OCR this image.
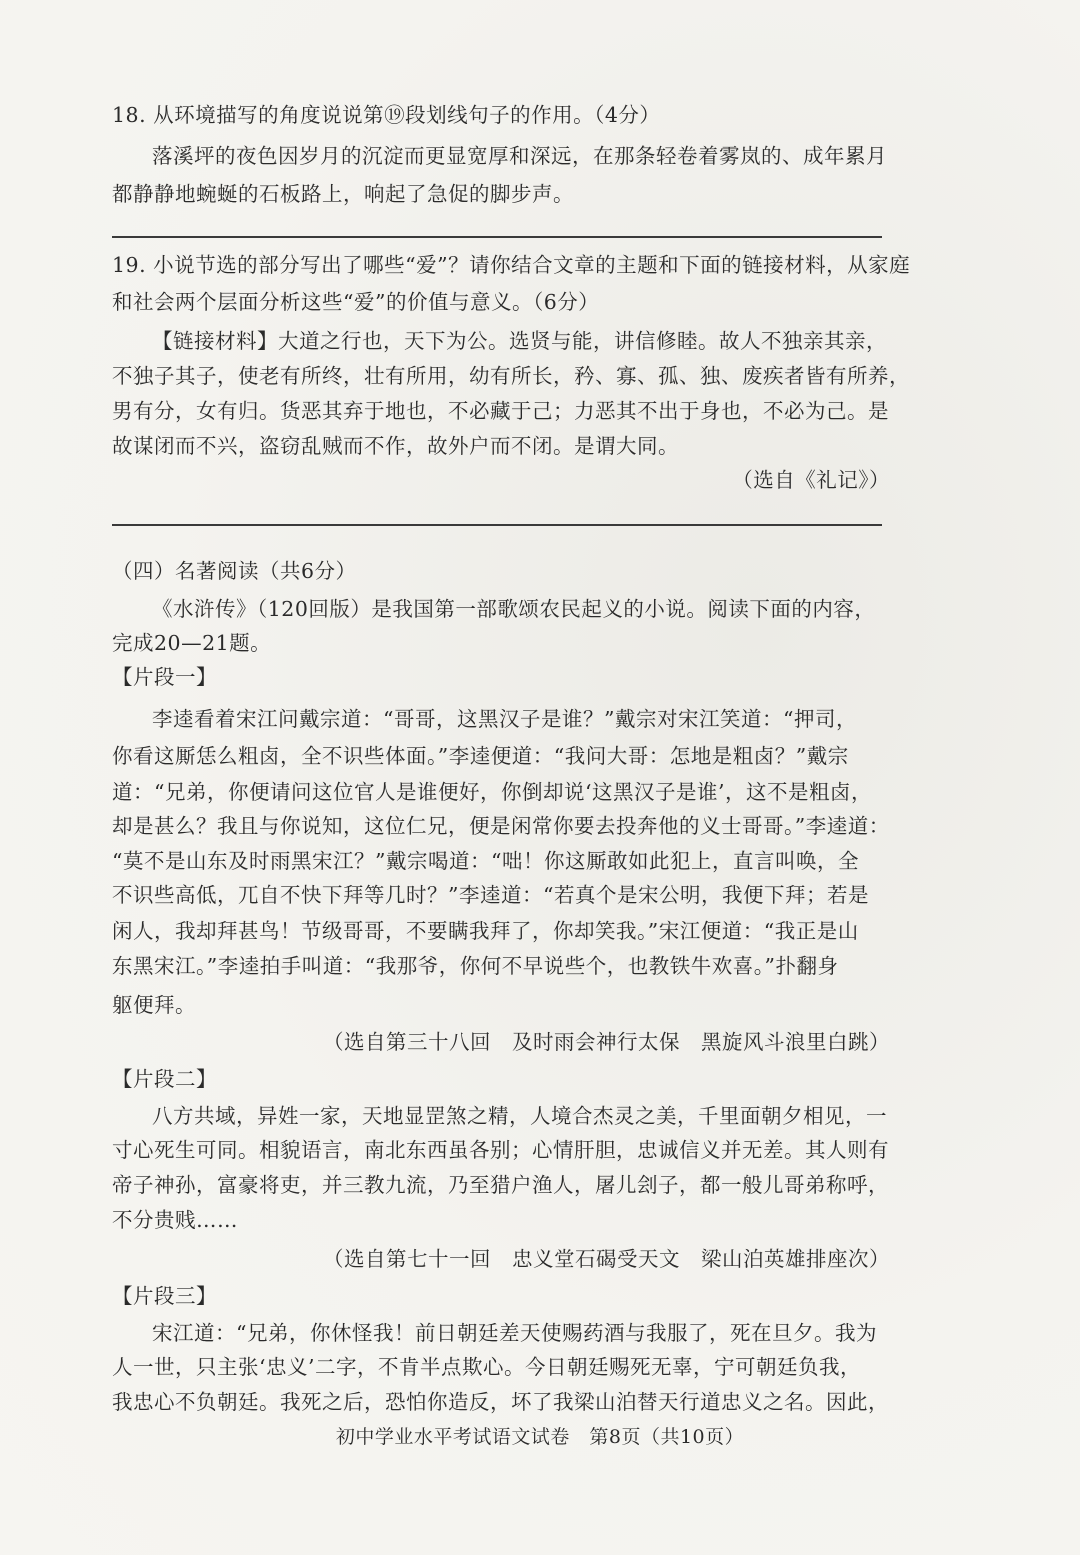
18. 从环境描写的角度说说第⑲段划线句子的作用。（4分）
落溪坪的夜色因岁月的沉淀而更显宽厚和深远，在那条轻卷着雾岚的、成年累月
都静静地蜿蜒的石板路上，响起了急促的脚步声。
19. 小说节选的部分写出了哪些“爱”？请你结合文章的主题和下面的链接材料，从家庭
和社会两个层面分析这些“爱”的价值与意义。（6分）
【链接材料】大道之行也，天下为公。选贤与能，讲信修睦。故人不独亲其亲，
不独子其子，使老有所终，壮有所用，幼有所长，矜、寡、孤、独、废疾者皆有所养，
男有分，女有归。货恶其弃于地也，不必藏于己；力恶其不出于身也，不必为己。是
故谋闭而不兴，盗窃乱贼而不作，故外户而不闭。是谓大同。
（选自《礼记》）
（四）名著阅读（共6分）
《水浒传》（120回版）是我国第一部歌颂农民起义的小说。阅读下面的内容，
完成20—21题。
【片段一】
李逵看着宋江问戴宗道：“哥哥，这黑汉子是谁？”戴宗对宋江笑道：“押司，
你看这厮恁么粗卤，全不识些体面。”李逵便道：“我问大哥：怎地是粗卤？”戴宗
道：“兄弟，你便请问这位官人是谁便好，你倒却说‘这黑汉子是谁’，这不是粗卤，
却是甚么？我且与你说知，这位仁兄，便是闲常你要去投奔他的义士哥哥。”李逵道：
“莫不是山东及时雨黑宋江？”戴宗喝道：“咄！你这厮敢如此犯上，直言叫唤，全
不识些高低，兀自不快下拜等几时？”李逵道：“若真个是宋公明，我便下拜；若是
闲人，我却拜甚鸟！节级哥哥，不要瞒我拜了，你却笑我。”宋江便道：“我正是山
东黑宋江。”李逵拍手叫道：“我那爷，你何不早说些个，也教铁牛欢喜。”扑翻身
躯便拜。
（选自第三十八回　及时雨会神行太保　黑旋风斗浪里白跳）
【片段二】
八方共域，异姓一家，天地显罡煞之精，人境合杰灵之美，千里面朝夕相见，一
寸心死生可同。相貌语言，南北东西虽各别；心情肝胆，忠诚信义并无差。其人则有
帝子神孙，富豪将吏，并三教九流，乃至猎户渔人，屠儿刽子，都一般儿哥弟称呼，
不分贵贱……
（选自第七十一回　忠义堂石碣受天文　梁山泊英雄排座次）
【片段三】
宋江道：“兄弟，你休怪我！前日朝廷差天使赐药酒与我服了，死在旦夕。我为
人一世，只主张‘忠义’二字，不肯半点欺心。今日朝廷赐死无辜，宁可朝廷负我，
我忠心不负朝廷。我死之后，恐怕你造反，坏了我梁山泊替天行道忠义之名。因此，
初中学业水平考试语文试卷　第8页（共10页）
